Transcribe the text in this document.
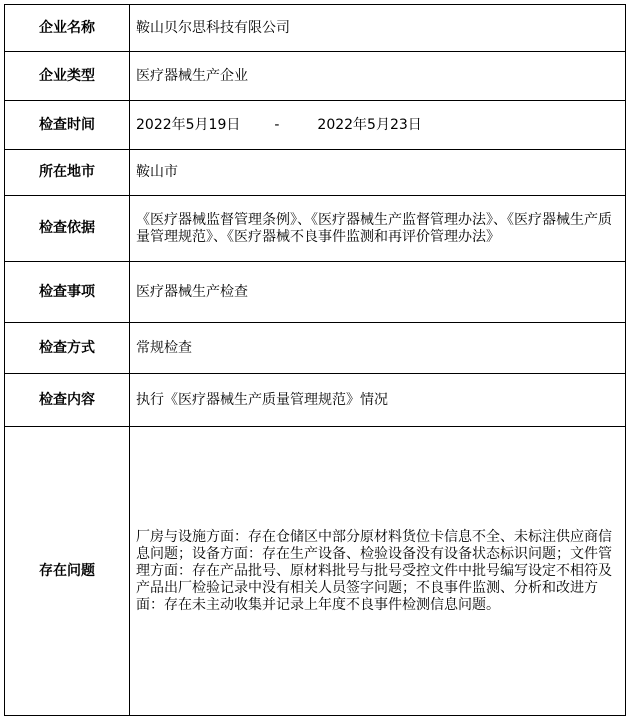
企业名称	鞍山贝尔思科技有限公司
企业类型	医疗器械生产企业
检查时间	2022年5月19日 - 2022年5月23日
所在地市	鞍山市
检查依据	《医疗器械监督管理条例》、《医疗器械生产监督管理办法》、《医疗器械生产质量管理规范》、《医疗器械不良事件监测和再评价管理办法》
检查事项	医疗器械生产检查
检查方式	常规检查
检查内容	执行《医疗器械生产质量管理规范》情况
存在问题	厂房与设施方面：存在仓储区中部分原材料货位卡信息不全、未标注供应商信息问题；设备方面：存在生产设备、检验设备没有设备状态标识问题；文件管理方面：存在产品批号、原材料批号与批号受控文件中批号编写设定不相符及产品出厂检验记录中没有相关人员签字问题；不良事件监测、分析和改进方面：存在未主动收集并记录上年度不良事件检测信息问题。
